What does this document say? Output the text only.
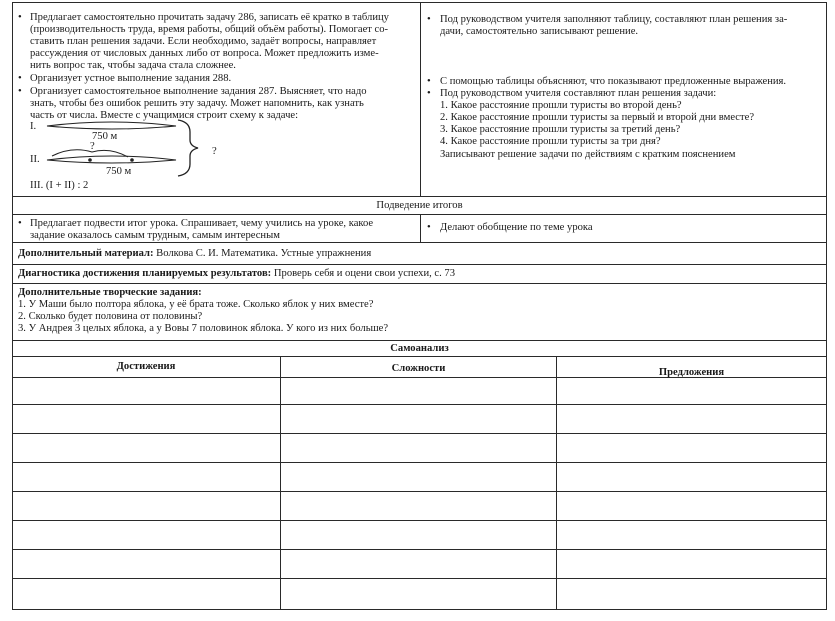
• Предлагает самостоятельно прочитать задачу 286, записать её кратко в таблицу
(производительность труда, время работы, общий объём работы). Помогает со-
ставить план решения задачи. Если необходимо, задаёт вопросы, направляет
рассуждения от числовых данных либо от вопроса. Может предложить изме-
нить вопрос так, чтобы задача стала сложнее.
• Организует устное выполнение задания 288.
• Организует самостоятельное выполнение задания 287. Выясняет, что надо
знать, чтобы без ошибок решить эту задачу. Может напомнить, как узнать
часть от числа. Вместе с учащимися строит схему к задаче:
I.
II.
750 м
750 м
?	?
III. (I + II) : 2
• Под руководством учителя заполняют таблицу, составляют план решения за-
дачи, самостоятельно записывают решение.
• С помощью таблицы объясняют, что показывают предложенные выражения.
• Под руководством учителя составляют план решения задачи:
1. Какое расстояние прошли туристы во второй день?
2. Какое расстояние прошли туристы за первый и второй дни вместе?
3. Какое расстояние прошли туристы за третий день?
4. Какое расстояние прошли туристы за три дня?
Записывают решение задачи по действиям с кратким пояснением
Подведение итогов
• Предлагает подвести итог урока. Спрашивает, чему учились на уроке, какое
задание оказалось самым трудным, самым интересным
• Делают обобщение по теме урока
Дополнительный материал: Волкова С. И. Математика. Устные упражнения
Диагностика достижения планируемых результатов: Проверь себя и оцени свои успехи, с. 73
Дополнительные творческие задания:
1. У Маши было полтора яблока, у её брата тоже. Сколько яблок у них вместе?
2. Сколько будет половина от половины?
3. У Андрея 3 целых яблока, а у Вовы 7 половинок яблока. У кого из них больше?
Самоанализ
Достижения	Сложности	Предложения
